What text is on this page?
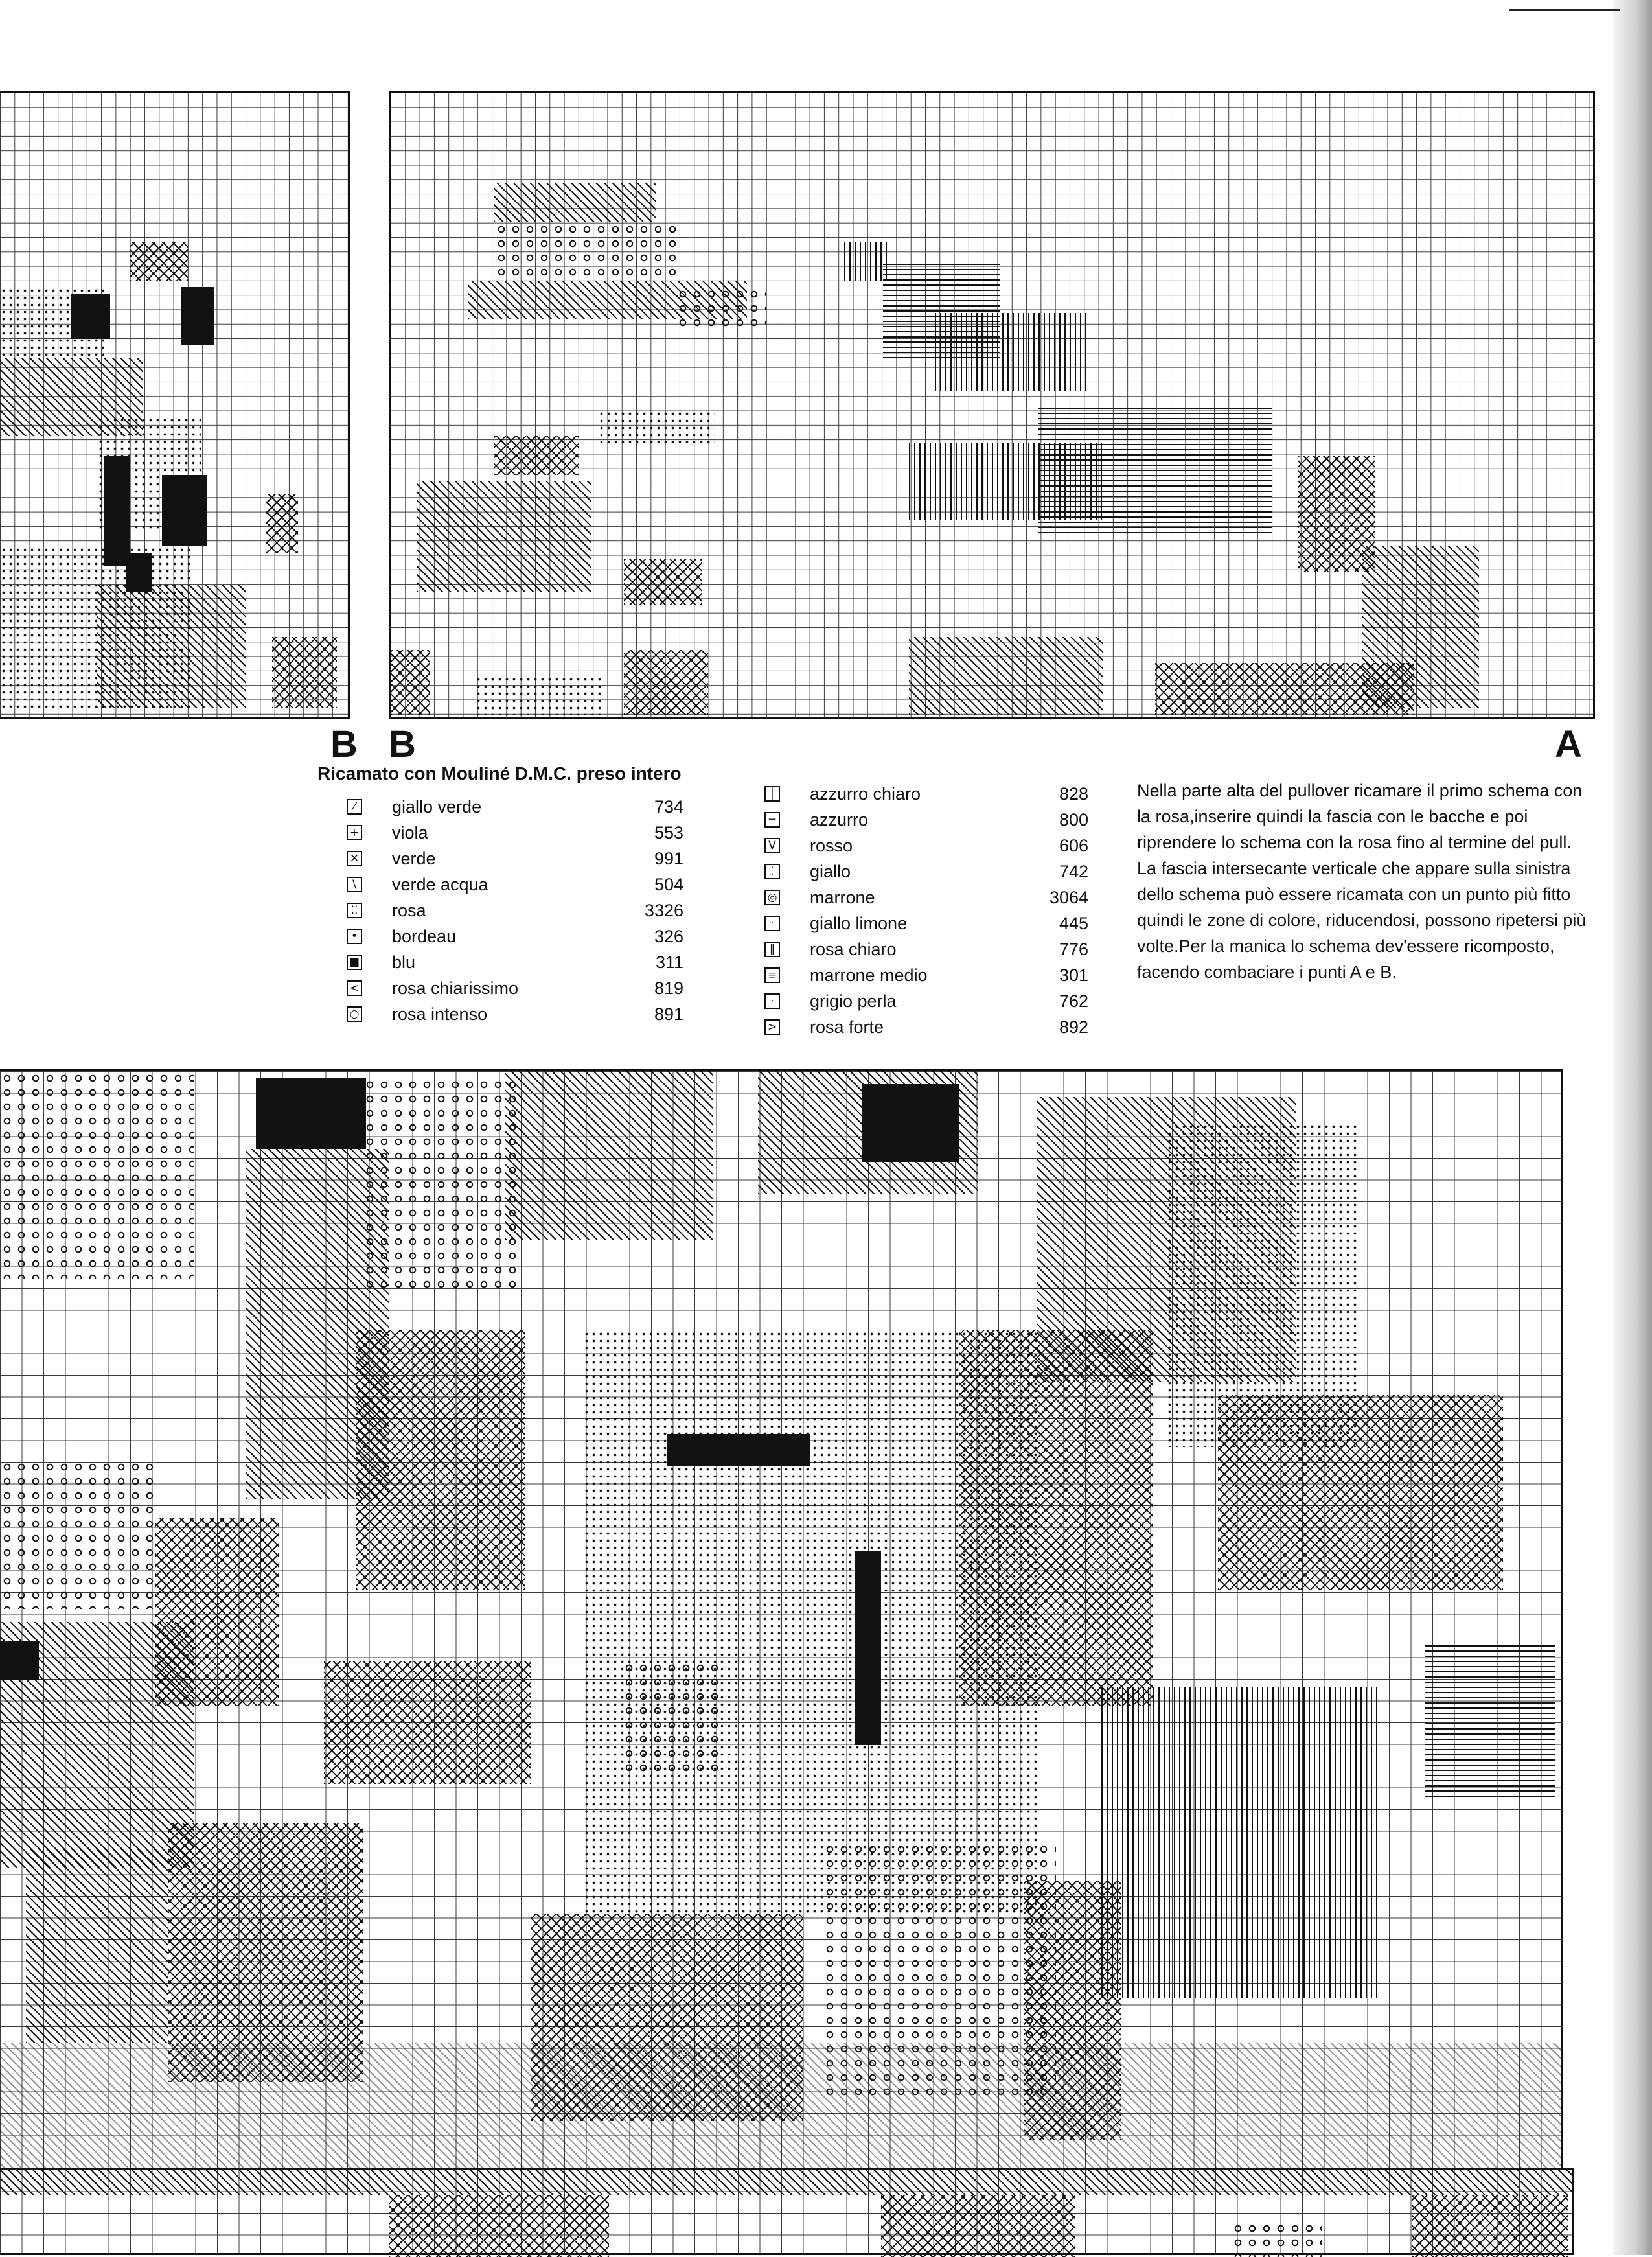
B B	A
Ricamato con Mouliné D.M.C. preso intero
⁄	giallo verde	734
+ viola	553
✕ verde	991
\	verde acqua	504
⁚⁚ rosa	3326
• bordeau	326
■ blu	311
< rosa chiarissimo	819
○ rosa intenso	891
│ azzurro chiaro	828
─ azzurro	800
V rosso	606
⁚	giallo	742
◎ marrone	3064
·	giallo limone	445
‖ rosa chiaro	776
≡ marrone medio	301
·	grigio perla	762
> rosa forte	892

Nella parte alta del pullover ricamare il primo schema con la rosa,inserire quindi la fascia con le bacche e poi riprendere lo schema con la rosa fino al termine del pull. La fascia intersecante verticale che appare sulla sinistra dello schema può essere ricamata con un punto più fitto quindi le zone di colore, riducendosi, possono ripetersi più volte.Per la manica lo schema dev'essere ricomposto, facendo combaciare i punti A e B.
